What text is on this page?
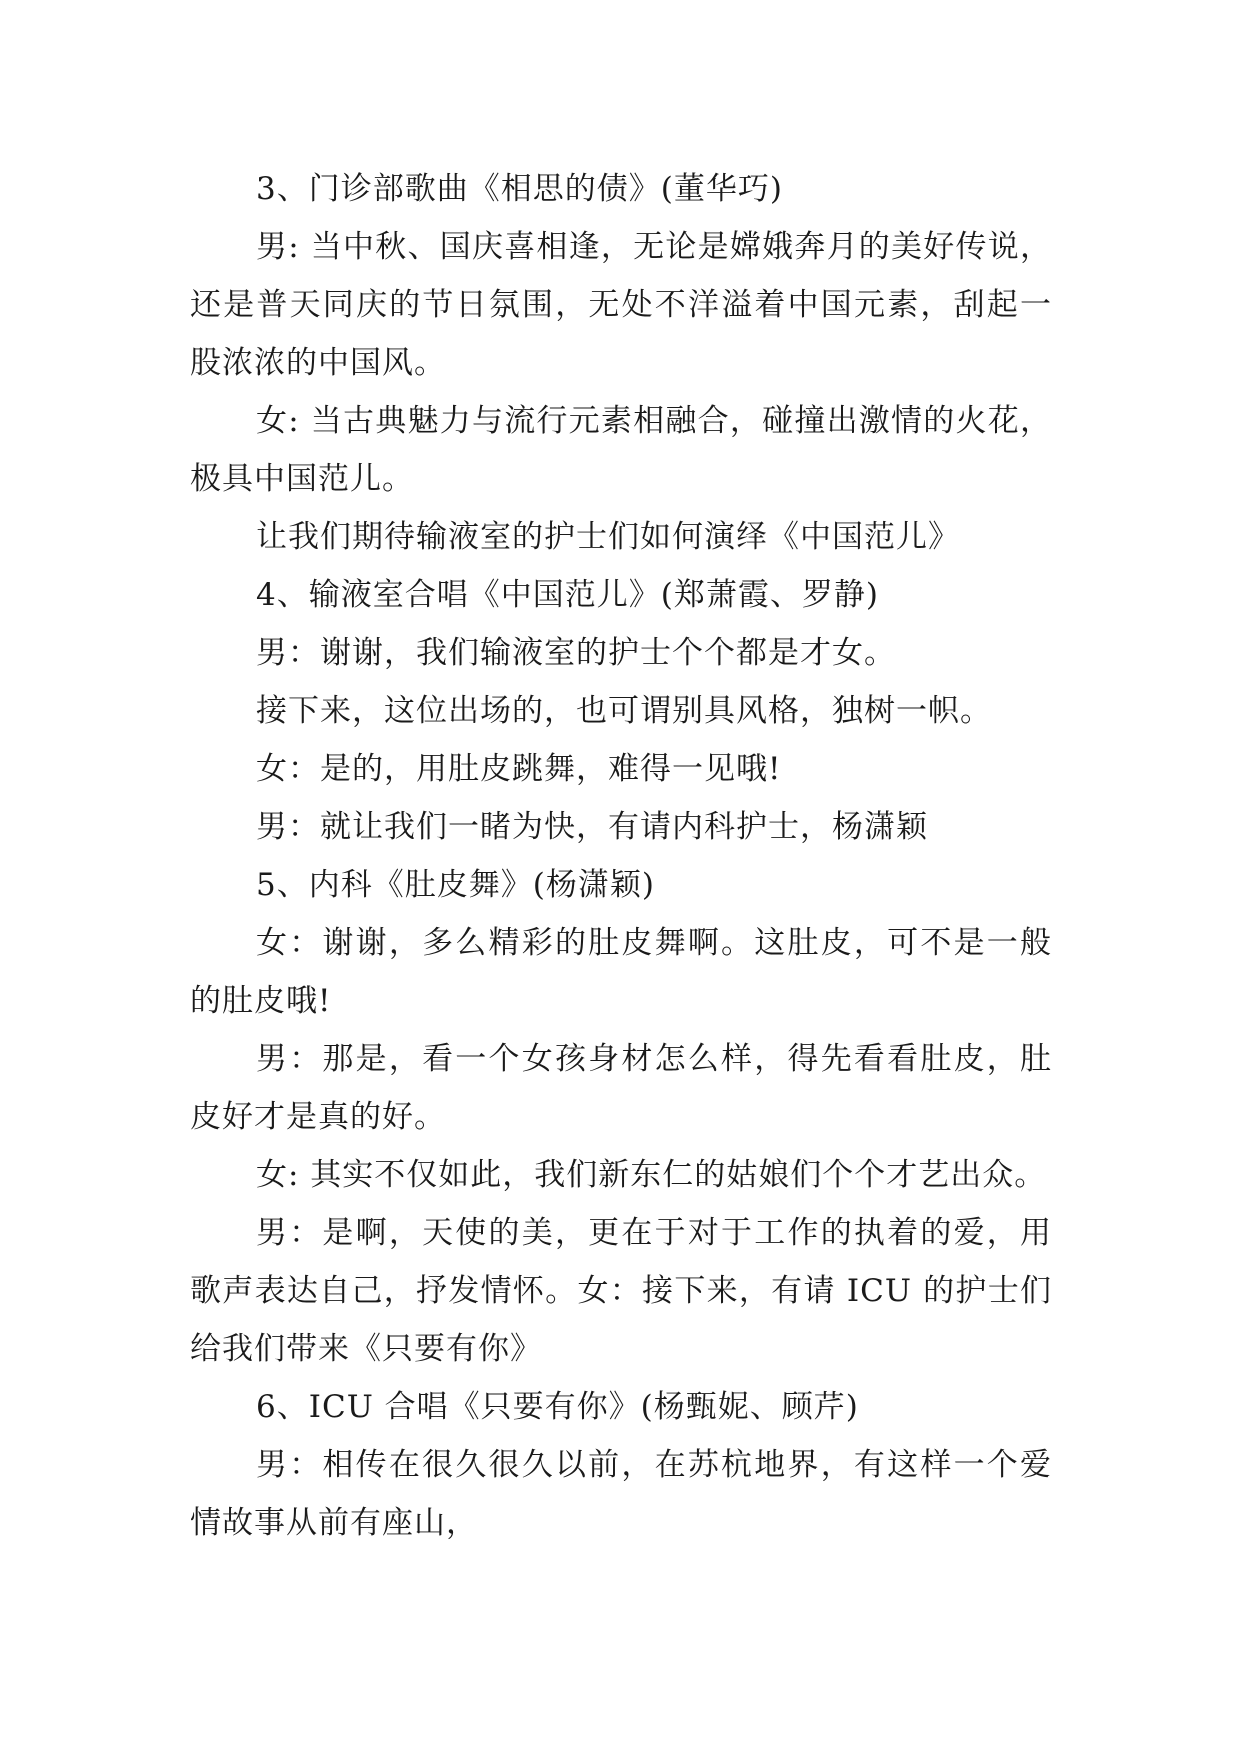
3、门诊部歌曲《相思的债》(董华巧)

男: 当中秋、国庆喜相逢，无论是嫦娥奔月的美好传说，还是普天同庆的节日氛围，无处不洋溢着中国元素，刮起一股浓浓的中国风。

女: 当古典魅力与流行元素相融合，碰撞出激情的火花，极具中国范儿。

让我们期待输液室的护士们如何演绎《中国范儿》

4、输液室合唱《中国范儿》(郑萧霞、罗静)

男：谢谢，我们输液室的护士个个都是才女。

接下来，这位出场的，也可谓别具风格，独树一帜。

女：是的，用肚皮跳舞，难得一见哦!

男：就让我们一睹为快，有请内科护士，杨潇颖

5、内科《肚皮舞》(杨潇颖)

女：谢谢，多么精彩的肚皮舞啊。这肚皮，可不是一般的肚皮哦!

男：那是，看一个女孩身材怎么样，得先看看肚皮，肚皮好才是真的好。

女: 其实不仅如此，我们新东仁的姑娘们个个才艺出众。

男：是啊，天使的美，更在于对于工作的执着的爱，用歌声表达自己，抒发情怀。女：接下来，有请 ICU 的护士们给我们带来《只要有你》

6、ICU 合唱《只要有你》(杨甄妮、顾芹)

男：相传在很久很久以前，在苏杭地界，有这样一个爱情故事从前有座山，
